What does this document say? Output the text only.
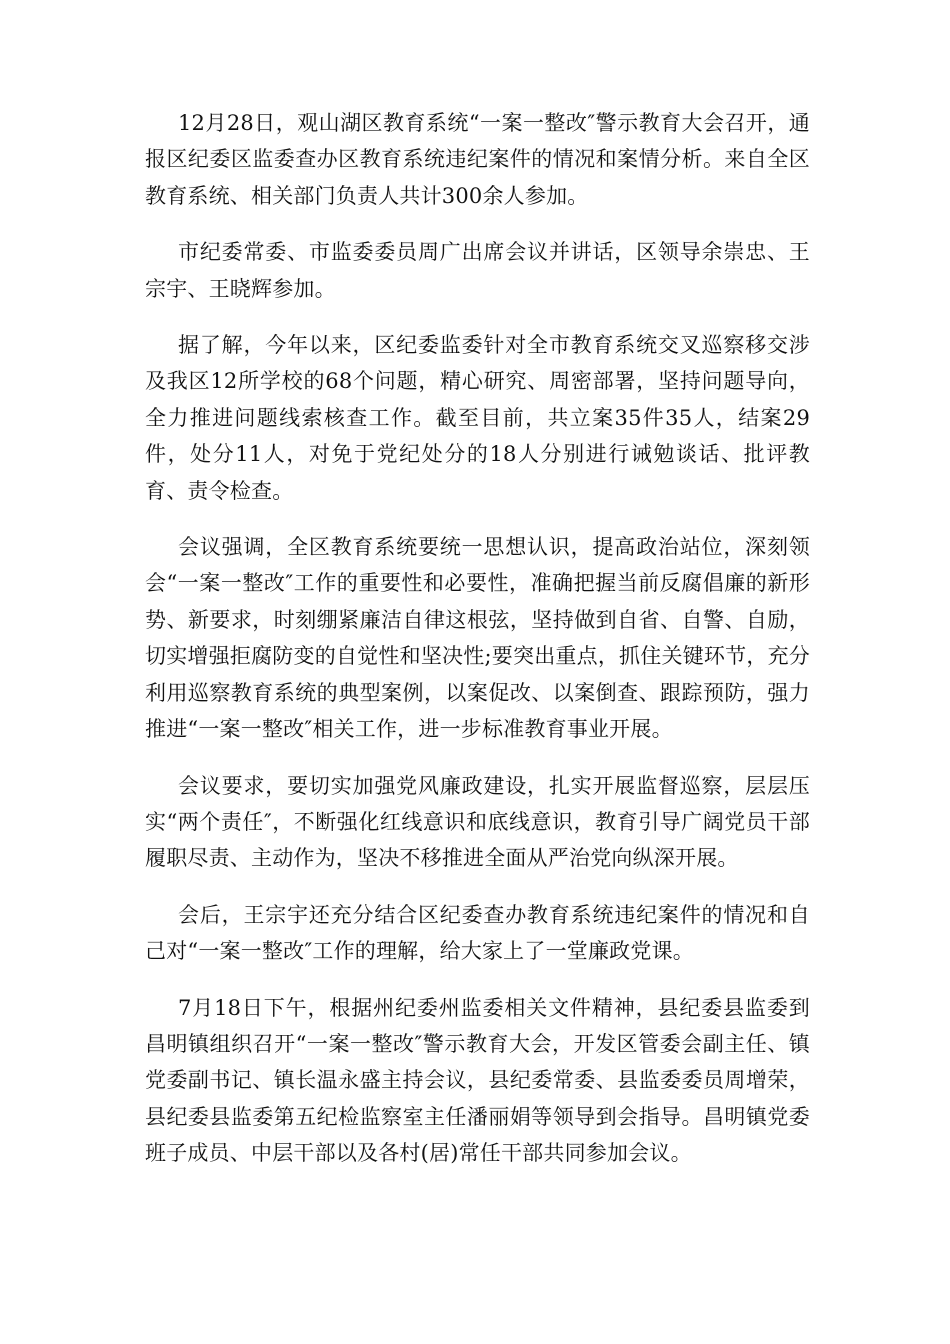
12月28日，观山湖区教育系统“一案一整改″警示教育大会召开，通报区纪委区监委查办区教育系统违纪案件的情况和案情分析。来自全区教育系统、相关部门负责人共计300余人参加。

市纪委常委、市监委委员周广出席会议并讲话，区领导余崇忠、王宗宇、王晓辉参加。

据了解，今年以来，区纪委监委针对全市教育系统交叉巡察移交涉及我区12所学校的68个问题，精心研究、周密部署，坚持问题导向，全力推进问题线索核查工作。截至目前，共立案35件35人，结案29件，处分11人，对免于党纪处分的18人分别进行诫勉谈话、批评教育、责令检查。

会议强调，全区教育系统要统一思想认识，提高政治站位，深刻领会“一案一整改″工作的重要性和必要性，准确把握当前反腐倡廉的新形势、新要求，时刻绷紧廉洁自律这根弦，坚持做到自省、自警、自励，切实增强拒腐防变的自觉性和坚决性;要突出重点，抓住关键环节，充分利用巡察教育系统的典型案例，以案促改、以案倒查、跟踪预防，强力推进“一案一整改″相关工作，进一步标准教育事业开展。

会议要求，要切实加强党风廉政建设，扎实开展监督巡察，层层压实“两个责任″，不断强化红线意识和底线意识，教育引导广阔党员干部履职尽责、主动作为，坚决不移推进全面从严治党向纵深开展。

会后，王宗宇还充分结合区纪委查办教育系统违纪案件的情况和自己对“一案一整改″工作的理解，给大家上了一堂廉政党课。

7月18日下午，根据州纪委州监委相关文件精神，县纪委县监委到昌明镇组织召开“一案一整改″警示教育大会，开发区管委会副主任、镇党委副书记、镇长温永盛主持会议，县纪委常委、县监委委员周增荣，县纪委县监委第五纪检监察室主任潘丽娟等领导到会指导。昌明镇党委班子成员、中层干部以及各村(居)常任干部共同参加会议。
